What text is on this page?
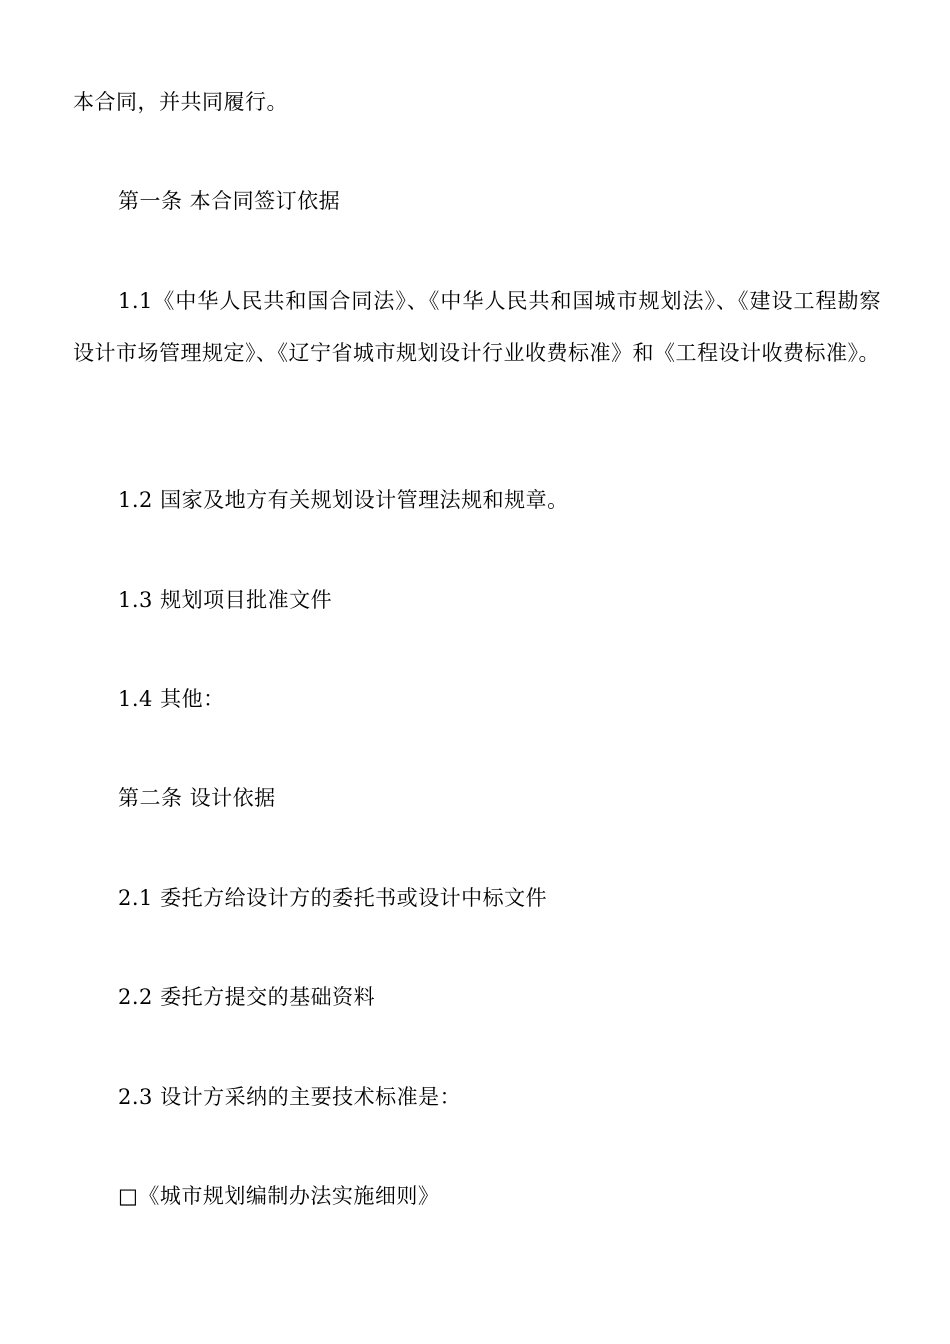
本合同，并共同履行。
第一条 本合同签订依据
1.1《中华人民共和国合同法》、《中华人民共和国城市规划法》、《建设工程勘察设计市场管理规定》、《辽宁省城市规划设计行业收费标准》和《工程设计收费标准》。
1.2 国家及地方有关规划设计管理法规和规章。
1.3 规划项目批准文件
1.4 其他：
第二条 设计依据
2.1 委托方给设计方的委托书或设计中标文件
2.2 委托方提交的基础资料
2.3 设计方采纳的主要技术标准是：
□《城市规划编制办法实施细则》
